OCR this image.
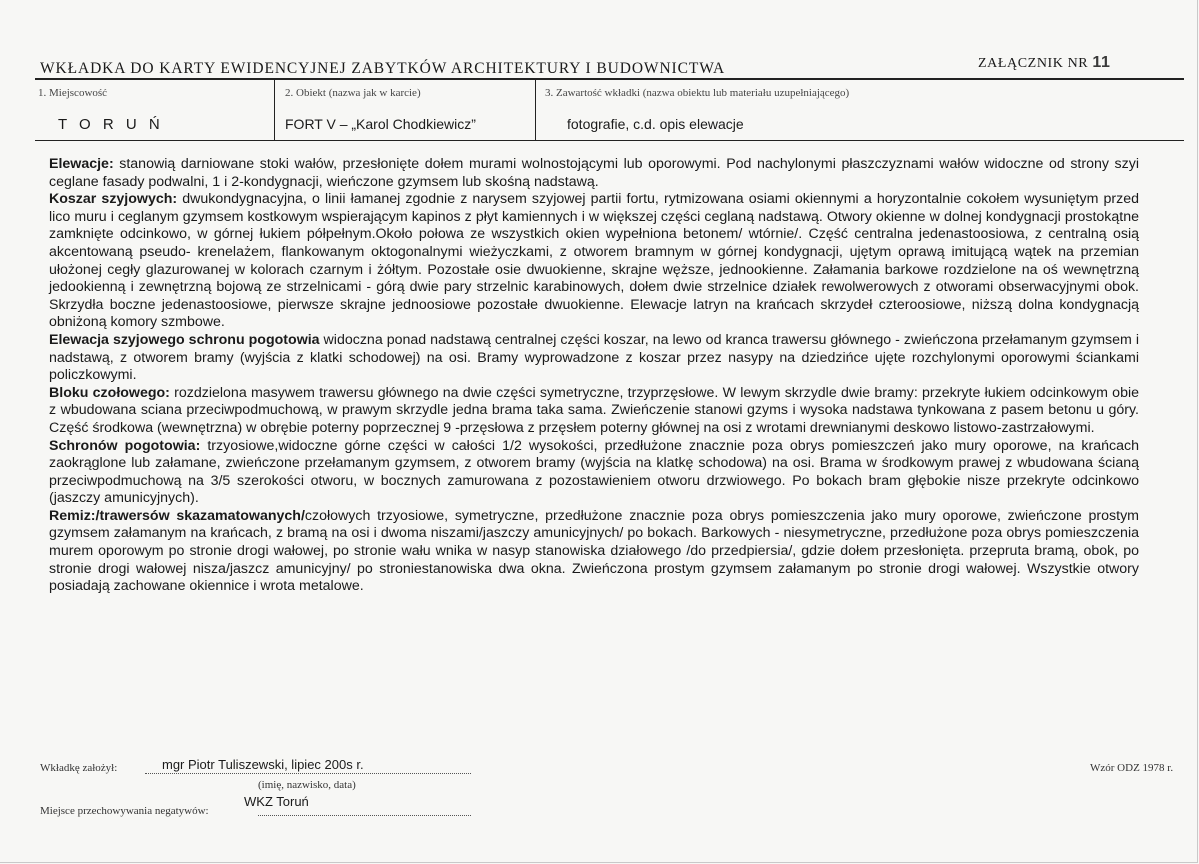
WKŁADKA DO KARTY EWIDENCYJNEJ ZABYTKÓW ARCHITEKTURY I BUDOWNICTWA	ZAŁĄCZNIK NR 11
1. Miejscowość
T O R U Ń
2. Obiekt (nazwa jak w karcie)
FORT V – „Karol Chodkiewicz”
3. Zawartość wkładki (nazwa obiektu lub materiału uzupełniającego)
fotografie, c.d. opis elewacje

Elewacje: stanowią darniowane stoki wałów, przesłonięte dołem murami wolnostojącymi lub oporowymi. Pod nachylonymi płaszczyznami wałów widoczne od strony szyi ceglane fasady podwalni, 1 i 2-kondygnacji, wieńczone gzymsem lub skośną nadstawą.

Koszar szyjowych: dwukondygnacyjna, o linii łamanej zgodnie z narysem szyjowej partii fortu, rytmizowana osiami okiennymi a horyzontalnie cokołem wysuniętym przed lico muru i ceglanym gzymsem kostkowym wspierającym kapinos z płyt kamiennych i w większej części ceglaną nadstawą. Otwory okienne w dolnej kondygnacji prostokątne zamknięte odcinkowo, w górnej łukiem półpełnym.Około połowa ze wszystkich okien wypełniona betonem/ wtórnie/. Część centralna jedenastoosiowa, z centralną osią akcentowaną pseudo- krenelażem, flankowanym oktogonalnymi wieżyczkami, z otworem bramnym w górnej kondygnacji, ujętym oprawą imitującą wątek na przemian ułożonej cegły glazurowanej w kolorach czarnym i żółtym. Pozostałe osie dwuokienne, skrajne węższe, jednookienne. Załamania barkowe rozdzielone na oś wewnętrzną jedookienną i zewnętrzną bojową ze strzelnicami - górą dwie pary strzelnic karabinowych, dołem dwie strzelnice działek rewolwerowych z otworami obserwacyjnymi obok. Skrzydła boczne jedenastoosiowe, pierwsze skrajne jednoosiowe pozostałe dwuokienne. Elewacje latryn na krańcach skrzydeł czteroosiowe, niższą dolna kondygnacją obniżoną komory szmbowe.

Elewacja szyjowego schronu pogotowia widoczna ponad nadstawą centralnej części koszar, na lewo od kranca trawersu głównego - zwieńczona przełamanym gzymsem i nadstawą, z otworem bramy (wyjścia z klatki schodowej) na osi. Bramy wyprowadzone z koszar przez nasypy na dziedzińce ujęte rozchylonymi oporowymi ściankami policzkowymi.

Bloku czołowego: rozdzielona masywem trawersu głównego na dwie części symetryczne, trzyprzęsłowe. W lewym skrzydle dwie bramy: przekryte łukiem odcinkowym obie z wbudowana sciana przeciwpodmuchową, w prawym skrzydle jedna brama taka sama. Zwieńczenie stanowi gzyms i wysoka nadstawa tynkowana z pasem betonu u góry. Część środkowa (wewnętrzna) w obrębie poterny poprzecznej 9 -przęsłowa z przęsłem poterny głównej na osi z wrotami drewnianymi deskowo listowo-zastrzałowymi.

Schronów pogotowia: trzyosiowe,widoczne górne części w całości 1/2 wysokości, przedłużone znacznie poza obrys pomieszczeń jako mury oporowe, na krańcach zaokrąglone lub załamane, zwieńczone przełamanym gzymsem, z otworem bramy (wyjścia na klatkę schodowa) na osi. Brama w środkowym prawej z wbudowana ścianą przeciwpodmuchową na 3/5 szerokości otworu, w bocznych zamurowana z pozostawieniem otworu drzwiowego. Po bokach bram głębokie nisze przekryte odcinkowo (jaszczy amunicyjnych).

Remiz:/trawersów skazamatowanych/czołowych trzyosiowe, symetryczne, przedłużone znacznie poza obrys pomieszczenia jako mury oporowe, zwieńczone prostym gzymsem załamanym na krańcach, z bramą na osi i dwoma niszami/jaszczy amunicyjnych/ po bokach. Barkowych - niesymetryczne, przedłużone poza obrys pomieszczenia murem oporowym po stronie drogi wałowej, po stronie wału wnika w nasyp stanowiska działowego /do przedpiersia/, gdzie dołem przesłonięta. przepruta bramą, obok, po stronie drogi wałowej nisza/jaszcz amunicyjny/ po stroniestanowiska dwa okna. Zwieńczona prostym gzymsem załamanym po stronie drogi wałowej. Wszystkie otwory posiadają zachowane okiennice i wrota metalowe.

Wkładkę założył:	mgr Piotr Tuliszewski, lipiec 200s r.
(imię, nazwisko, data)
Miejsce przechowywania negatywów:
WKZ Toruń
Wzór ODZ 1978 r.
